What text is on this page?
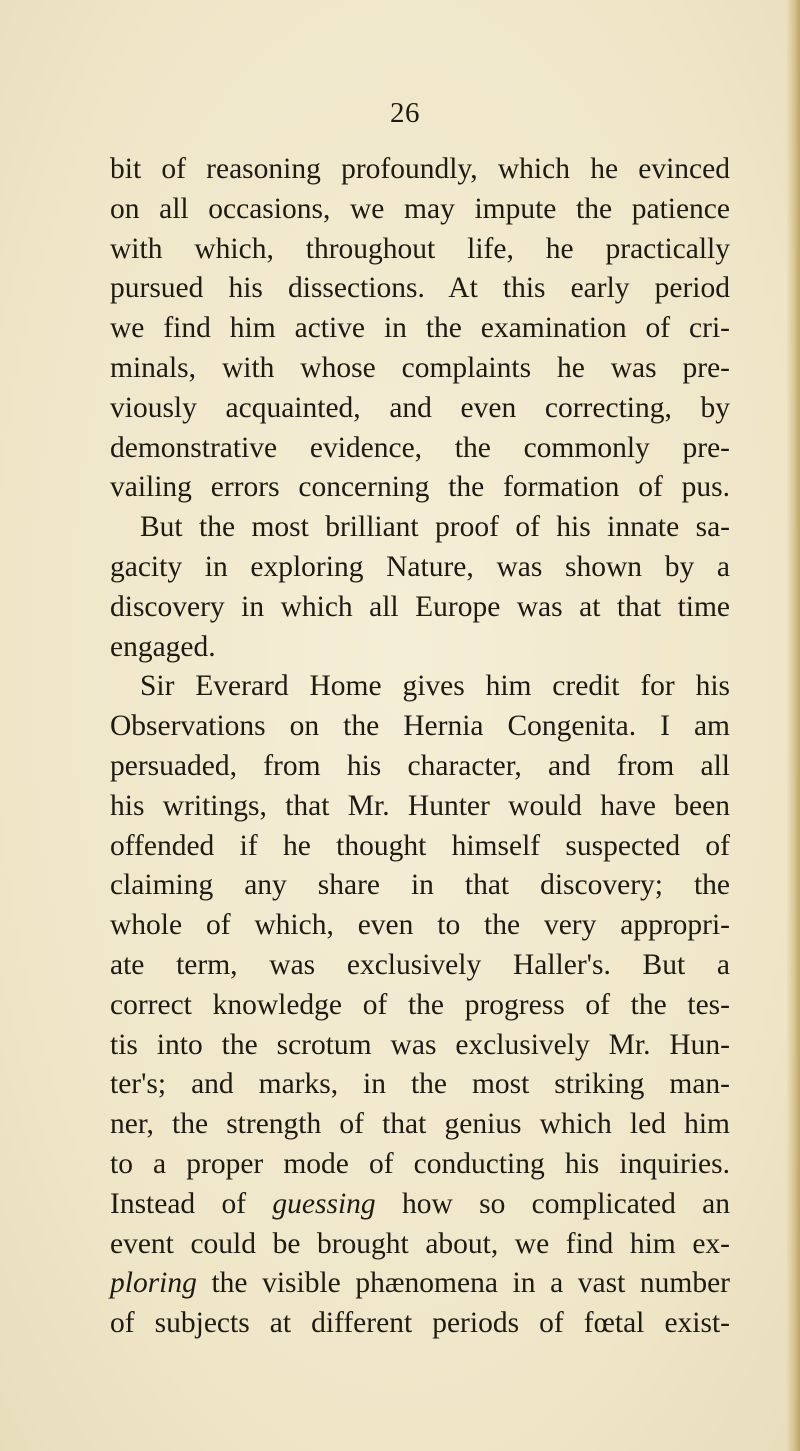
26
bit of reasoning profoundly, which he evinced
on all occasions, we may impute the patience
with which, throughout life, he practically
pursued his dissections. At this early period
we find him active in the examination of cri-
minals, with whose complaints he was pre-
viously acquainted, and even correcting, by
demonstrative evidence, the commonly pre-
vailing errors concerning the formation of pus.
But the most brilliant proof of his innate sa-
gacity in exploring Nature, was shown by a
discovery in which all Europe was at that time
engaged.
Sir Everard Home gives him credit for his
Observations on the Hernia Congenita. I am
persuaded, from his character, and from all
his writings, that Mr. Hunter would have been
offended if he thought himself suspected of
claiming any share in that discovery; the
whole of which, even to the very appropri-
ate term, was exclusively Haller's. But a
correct knowledge of the progress of the tes-
tis into the scrotum was exclusively Mr. Hun-
ter's; and marks, in the most striking man-
ner, the strength of that genius which led him
to a proper mode of conducting his inquiries.
Instead of guessing how so complicated an
event could be brought about, we find him ex-
ploring the visible phænomena in a vast number
of subjects at different periods of fœtal exist-
